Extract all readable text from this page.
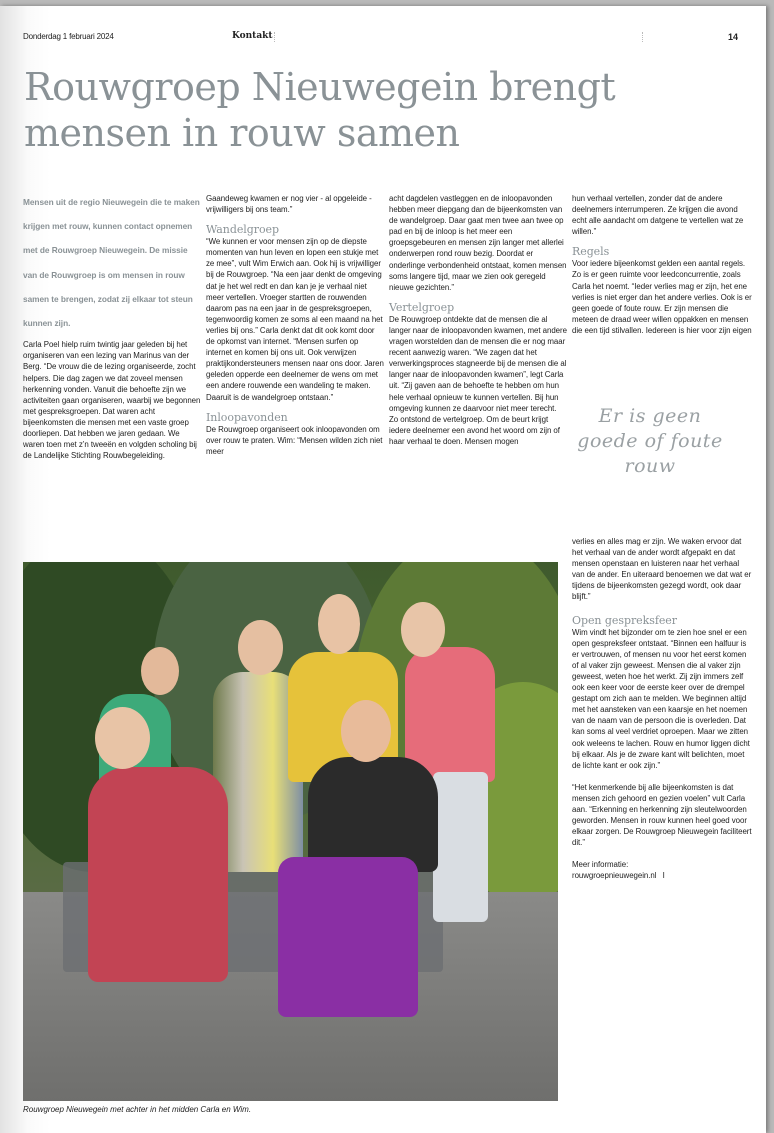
Donderdag 1 februari 2024	Kontakt	14
Rouwgroep Nieuwegein brengt mensen in rouw samen

Mensen uit de regio Nieuwegein die te maken krijgen met rouw, kunnen contact opnemen met de Rouwgroep Nieuwegein. De missie van de Rouwgroep is om mensen in rouw samen te brengen, zodat zij elkaar tot steun kunnen zijn.

Carla Poel hielp ruim twintig jaar geleden bij het organiseren van een lezing van Marinus van der Berg. “De vrouw die de lezing organiseerde, zocht helpers. Die dag zagen we dat zoveel mensen herkenning vonden. Vanuit die behoefte zijn we activiteiten gaan organiseren, waarbij we begonnen met gespreksgroepen. Dat waren acht bijeenkomsten die mensen met een vaste groep doorliepen. Dat hebben we jaren gedaan. We waren toen met z’n tweeën en volgden scholing bij de Landelijke Stichting Rouwbegeleiding.

Gaandeweg kwamen er nog vier - al opgeleide - vrijwilligers bij ons team.”

Wandelgroep

“We kunnen er voor mensen zijn op de diepste momenten van hun leven en lopen een stukje met ze mee”, vult Wim Erwich aan. Ook hij is vrijwilliger bij de Rouwgroep. “Na een jaar denkt de omgeving dat je het wel redt en dan kan je je verhaal niet meer vertellen. Vroeger startten de rouwenden daarom pas na een jaar in de gespreksgroepen, tegenwoordig komen ze soms al een maand na het verlies bij ons.” Carla denkt dat dit ook komt door de opkomst van internet. “Mensen surfen op internet en komen bij ons uit. Ook verwijzen praktijkondersteuners mensen naar ons door. Jaren geleden opperde een deelnemer de wens om met een andere rouwende een wandeling te maken. Daaruit is de wandelgroep ontstaan.”

Inloopavonden

De Rouwgroep organiseert ook inloopavonden om over rouw te praten. Wim: “Mensen wilden zich niet meer

acht dagdelen vastleggen en de inloopavonden hebben meer diepgang dan de bijeenkomsten van de wandelgroep. Daar gaat men twee aan twee op pad en bij de inloop is het meer een groepsgebeuren en mensen zijn langer met allerlei onderwerpen rond rouw bezig. Doordat er onderlinge verbondenheid ontstaat, komen mensen soms langere tijd, maar we zien ook geregeld nieuwe gezichten.”

Vertelgroep

De Rouwgroep ontdekte dat de mensen die al langer naar de inloopavonden kwamen, met andere vragen worstelden dan de mensen die er nog maar recent aanwezig waren. “We zagen dat het verwerkingsproces stagneerde bij de mensen die al langer naar de inloopavonden kwamen”, legt Carla uit. “Zij gaven aan de behoefte te hebben om hun hele verhaal opnieuw te kunnen vertellen. Bij hun omgeving kunnen ze daarvoor niet meer terecht. Zo ontstond de vertelgroep. Om de beurt krijgt iedere deelnemer een avond het woord om zijn of haar verhaal te doen. Mensen mogen

hun verhaal vertellen, zonder dat de andere deelnemers interrumperen. Ze krijgen die avond echt alle aandacht om datgene te vertellen wat ze willen.”

Regels

Voor iedere bijeenkomst gelden een aantal regels. Zo is er geen ruimte voor leedconcurrentie, zoals Carla het noemt. “Ieder verlies mag er zijn, het ene verlies is niet erger dan het andere verlies. Ook is er geen goede of foute rouw. Er zijn mensen die meteen de draad weer willen oppakken en mensen die een tijd stilvallen. Iedereen is hier voor zijn eigen

Er is geen goede of foute rouw

verlies en alles mag er zijn. We waken ervoor dat het verhaal van de ander wordt afgepakt en dat mensen openstaan en luisteren naar het verhaal van de ander. En uiteraard benoemen we dat wat er tijdens de bijeenkomsten gezegd wordt, ook daar blijft.”

Open gespreksfeer

Wim vindt het bijzonder om te zien hoe snel er een open gespreksfeer ontstaat. “Binnen een halfuur is er vertrouwen, of mensen nu voor het eerst komen of al vaker zijn geweest. Mensen die al vaker zijn geweest, weten hoe het werkt. Zij zijn immers zelf ook een keer voor de eerste keer over de drempel gestapt om zich aan te melden. We beginnen altijd met het aansteken van een kaarsje en het noemen van de naam van de persoon die is overleden. Dat kan soms al veel verdriet oproepen. Maar we zitten ook weleens te lachen. Rouw en humor liggen dicht bij elkaar. Als je de zware kant wilt belichten, moet de lichte kant er ook zijn.”

“Het kenmerkende bij alle bijeenkomsten is dat mensen zich gehoord en gezien voelen” vult Carla aan. “Erkenning en herkenning zijn sleutelwoorden geworden. Mensen in rouw kunnen heel goed voor elkaar zorgen. De Rouwgroep Nieuwegein faciliteert dit.”

Meer informatie:

rouwgroepnieuwegein.nl I

Rouwgroep Nieuwegein met achter in het midden Carla en Wim.
